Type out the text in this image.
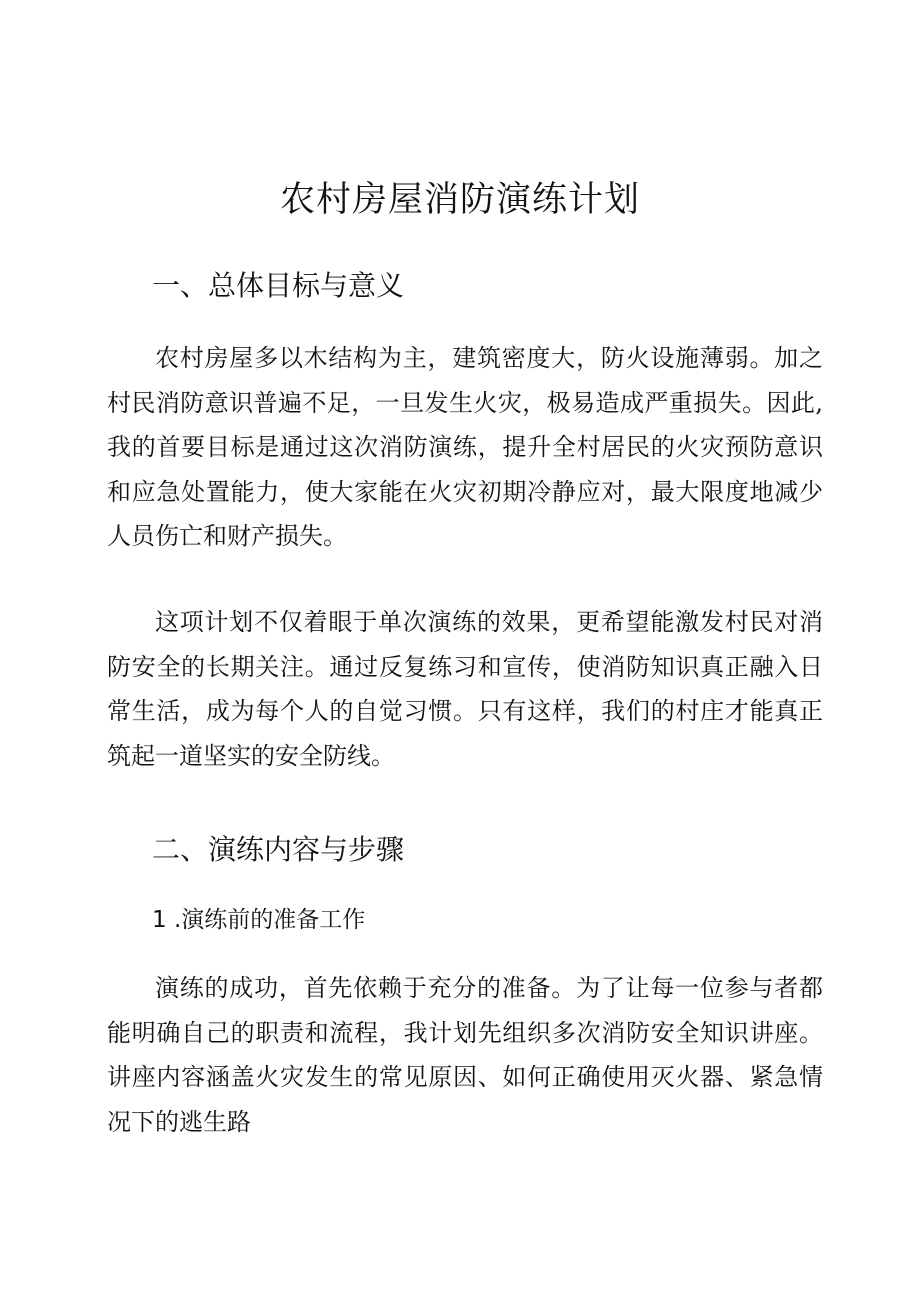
农村房屋消防演练计划
一、总体目标与意义

农村房屋多以木结构为主，建筑密度大，防火设施薄弱。加之村民消防意识普遍不足，一旦发生火灾，极易造成严重损失。因此,我的首要目标是通过这次消防演练，提升全村居民的火灾预防意识和应急处置能力，使大家能在火灾初期冷静应对，最大限度地减少人员伤亡和财产损失。

这项计划不仅着眼于单次演练的效果，更希望能激发村民对消防安全的长期关注。通过反复练习和宣传，使消防知识真正融入日常生活，成为每个人的自觉习惯。只有这样，我们的村庄才能真正筑起一道坚实的安全防线。

二、演练内容与步骤
1 .演练前的准备工作

演练的成功，首先依赖于充分的准备。为了让每一位参与者都能明确自己的职责和流程，我计划先组织多次消防安全知识讲座。讲座内容涵盖火灾发生的常见原因、如何正确使用灭火器、紧急情况下的逃生路
